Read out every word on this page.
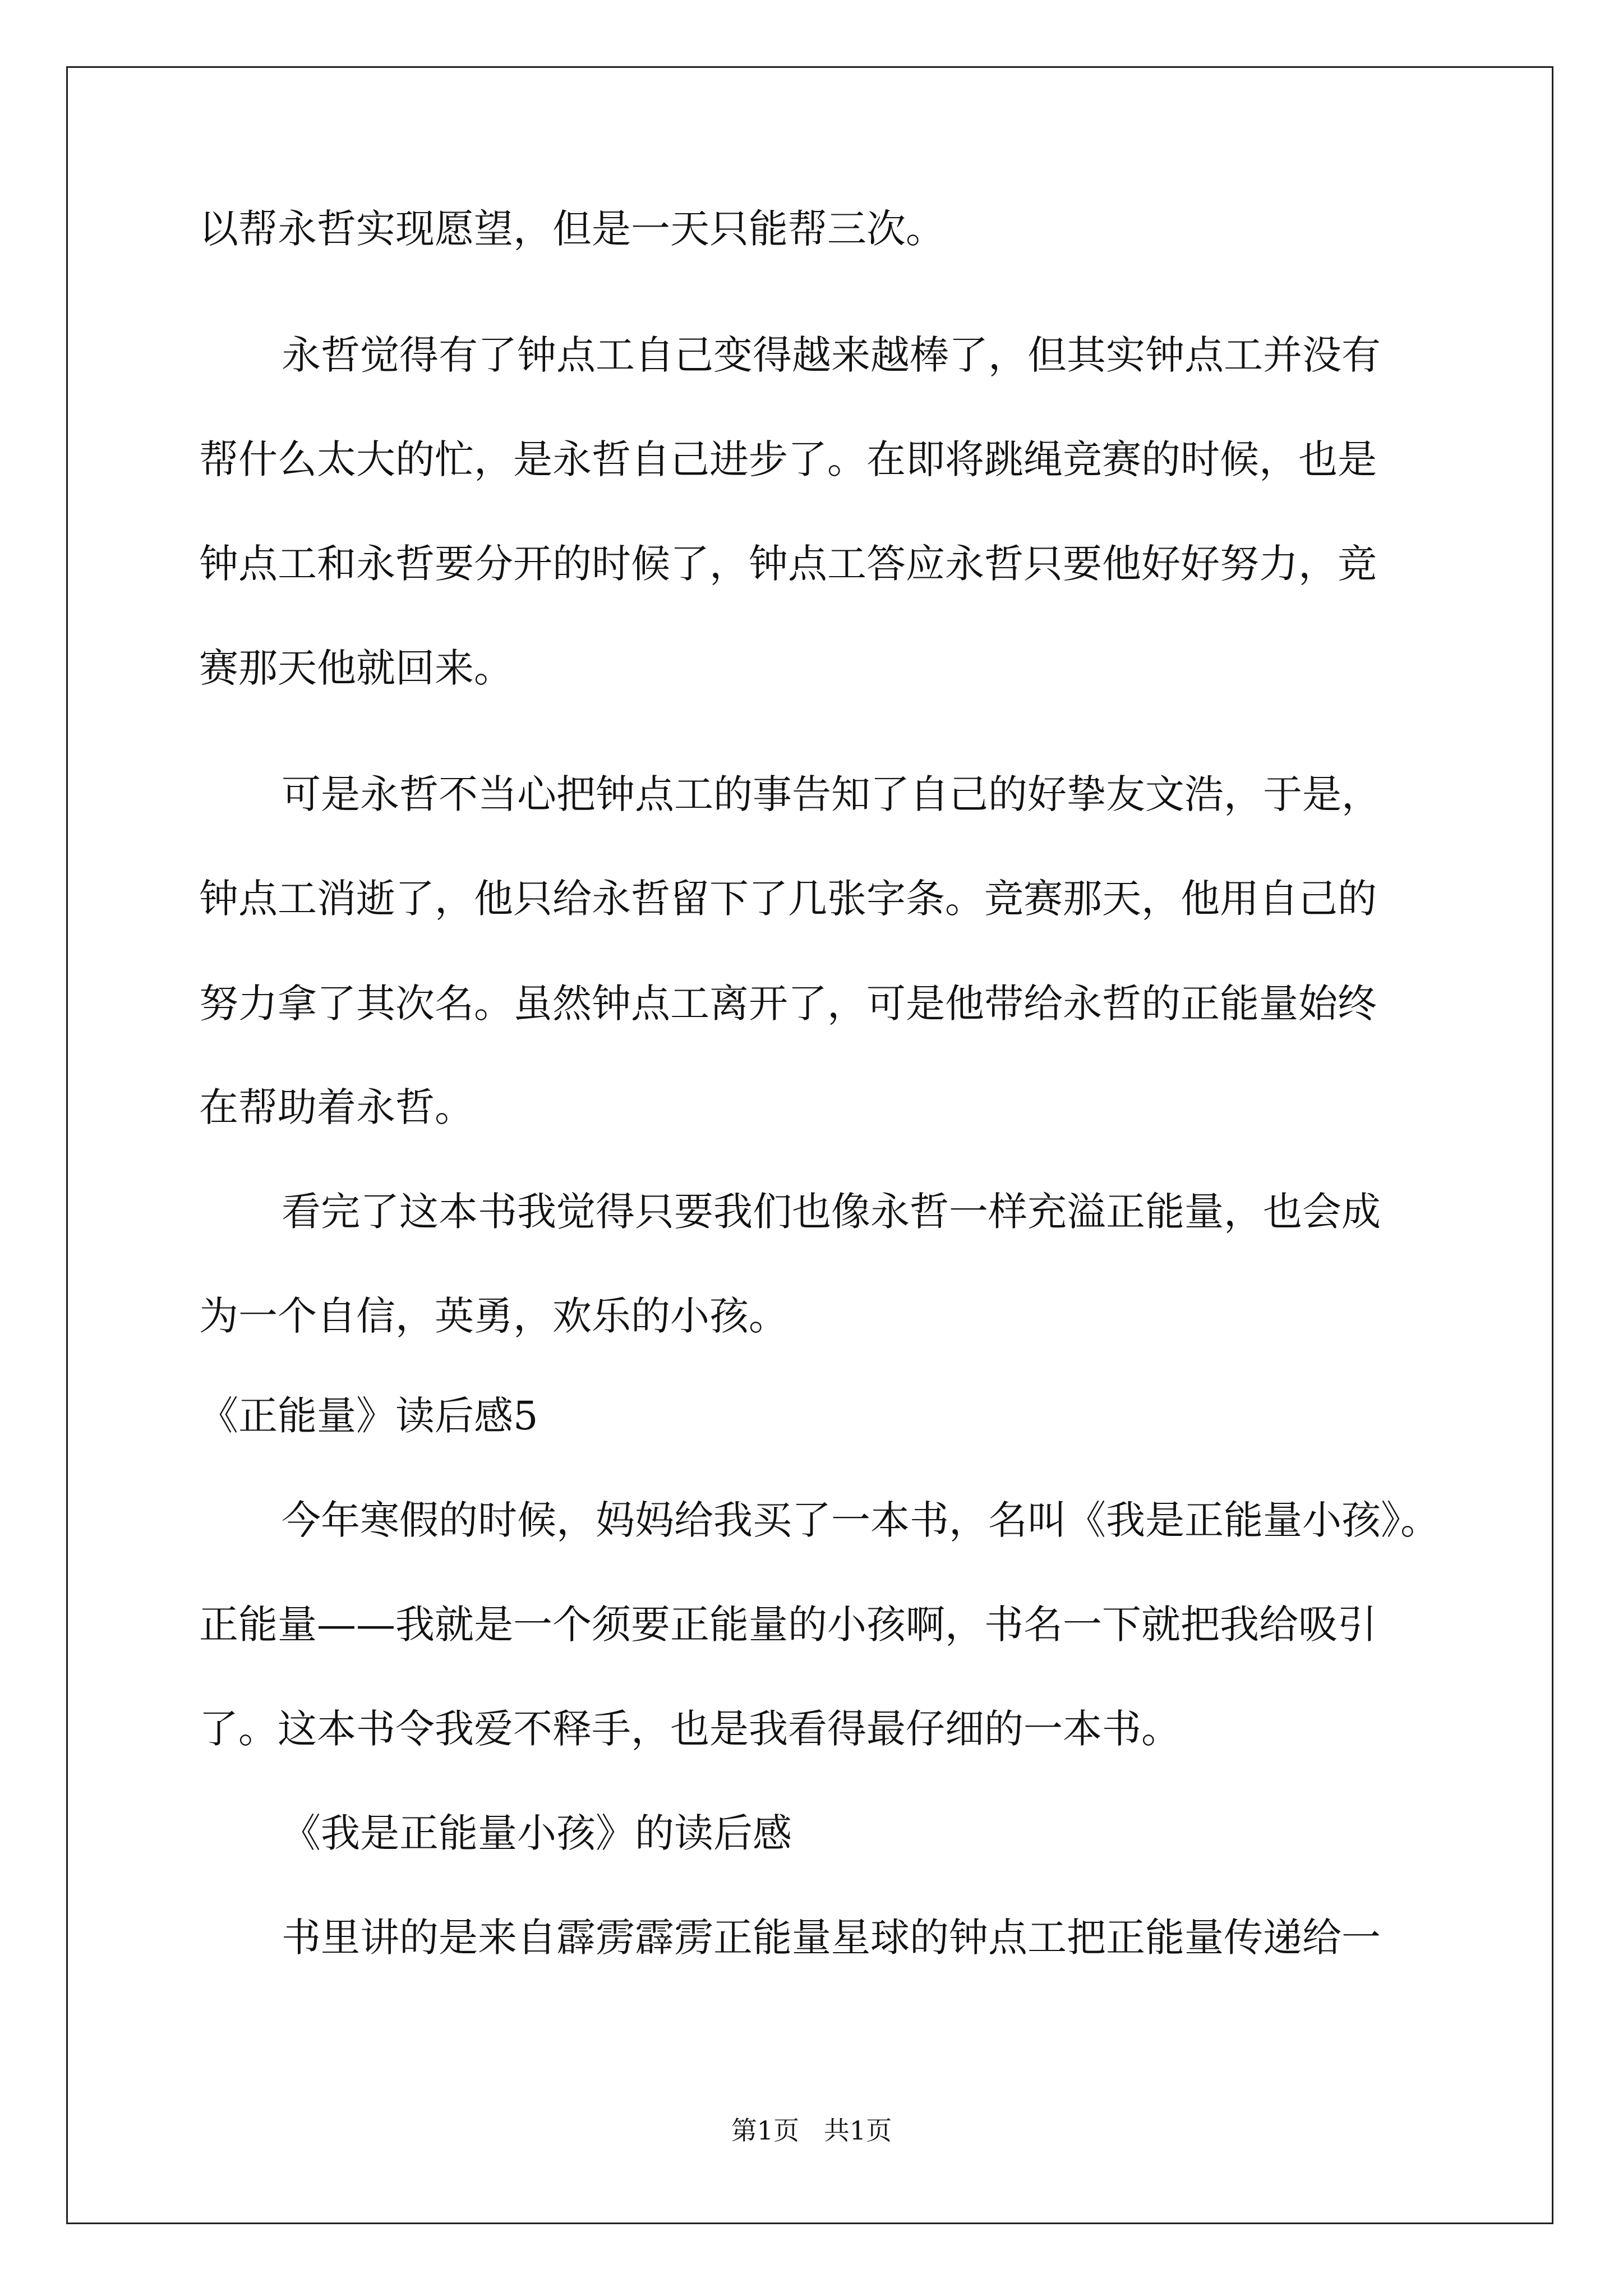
以帮永哲实现愿望，但是一天只能帮三次。

永哲觉得有了钟点工自己变得越来越棒了，但其实钟点工并没有

帮什么太大的忙，是永哲自己进步了。在即将跳绳竞赛的时候，也是

钟点工和永哲要分开的时候了，钟点工答应永哲只要他好好努力，竞

赛那天他就回来。

可是永哲不当心把钟点工的事告知了自己的好挚友文浩，于是，

钟点工消逝了，他只给永哲留下了几张字条。竞赛那天，他用自己的

努力拿了其次名。虽然钟点工离开了，可是他带给永哲的正能量始终

在帮助着永哲。

看完了这本书我觉得只要我们也像永哲一样充溢正能量，也会成

为一个自信，英勇，欢乐的小孩。

《正能量》读后感5

今年寒假的时候，妈妈给我买了一本书，名叫《我是正能量小孩》。

正能量——我就是一个须要正能量的小孩啊，书名一下就把我给吸引

了。这本书令我爱不释手，也是我看得最仔细的一本书。

《我是正能量小孩》的读后感

书里讲的是来自霹雳霹雳正能量星球的钟点工把正能量传递给一

第1页   共1页
